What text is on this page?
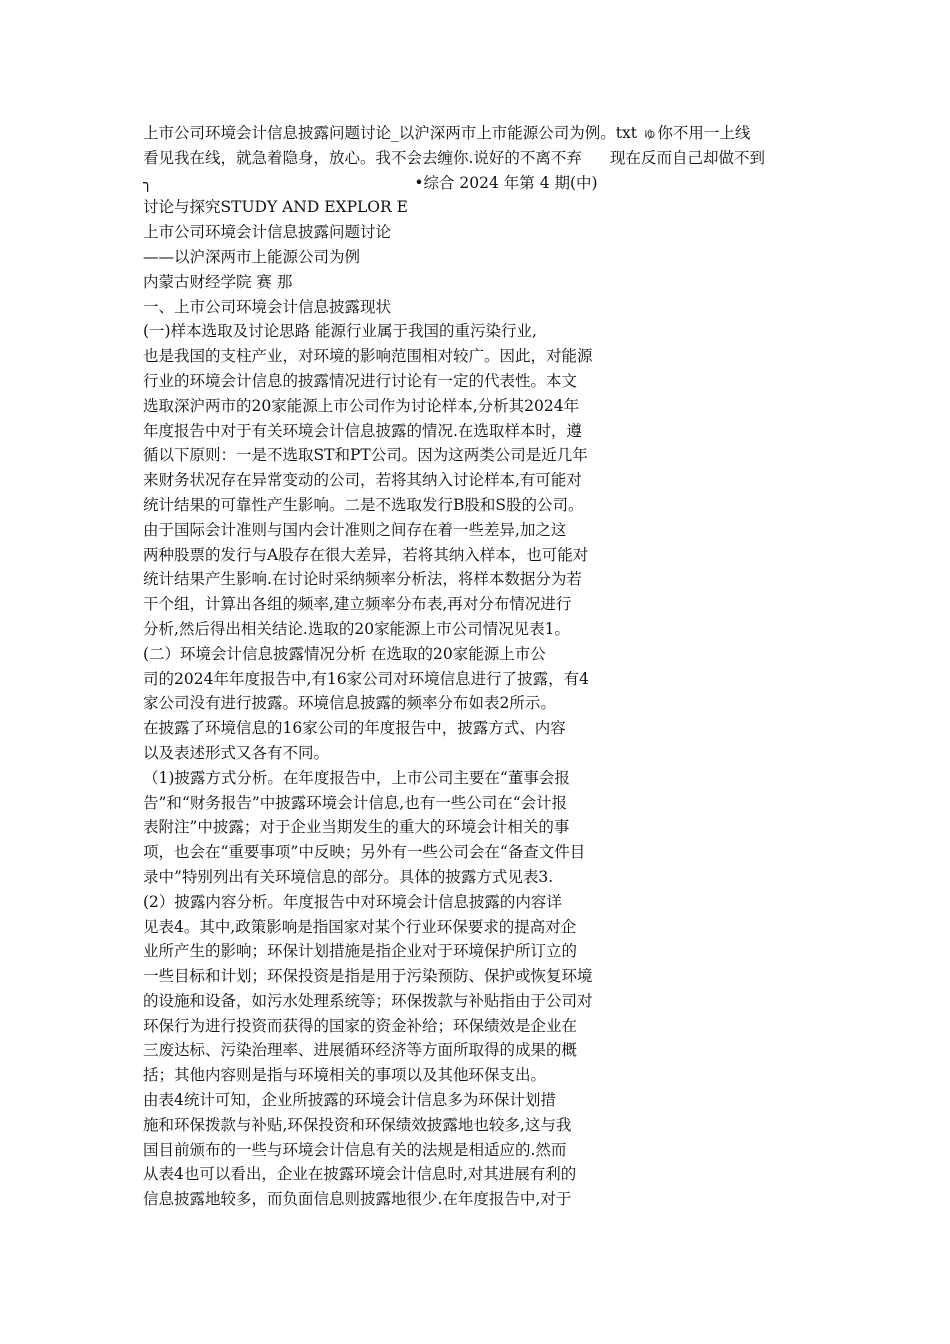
上市公司环境会计信息披露问题讨论_以沪深两市上市能源公司为例。txt ゅ你不用一上线
看见我在线，就急着隐身，放心。我不会去缠你.说好的不离不弃 现在反而自己却做不到
╮	•综合 2024 年第 4 期(中)
讨论与探究STUDY AND EXPLOR E
上市公司环境会计信息披露问题讨论
——以沪深两市上能源公司为例
内蒙古财经学院 赛 那
一、上市公司环境会计信息披露现状
(一)样本选取及讨论思路 能源行业属于我国的重污染行业,
也是我国的支柱产业，对环境的影响范围相对较广。因此，对能源
行业的环境会计信息的披露情况进行讨论有一定的代表性。本文
选取深沪两市的20家能源上市公司作为讨论样本,分析其2024年
年度报告中对于有关环境会计信息披露的情况.在选取样本时，遵
循以下原则：一是不选取ST和PT公司。因为这两类公司是近几年
来财务状况存在异常变动的公司，若将其纳入讨论样本,有可能对
统计结果的可靠性产生影响。二是不选取发行B股和S股的公司。
由于国际会计准则与国内会计准则之间存在着一些差异,加之这
两种股票的发行与A股存在很大差异，若将其纳入样本，也可能对
统计结果产生影响.在讨论时采纳频率分析法，将样本数据分为若
干个组，计算出各组的频率,建立频率分布表,再对分布情况进行
分析,然后得出相关结论.选取的20家能源上市公司情况见表1。
(二）环境会计信息披露情况分析 在选取的20家能源上市公
司的2024年年度报告中,有16家公司对环境信息进行了披露，有4
家公司没有进行披露。环境信息披露的频率分布如表2所示。
在披露了环境信息的16家公司的年度报告中，披露方式、内容
以及表述形式又各有不同。
（1)披露方式分析。在年度报告中，上市公司主要在“董事会报
告”和“财务报告”中披露环境会计信息,也有一些公司在“会计报
表附注”中披露；对于企业当期发生的重大的环境会计相关的事
项，也会在“重要事项”中反映；另外有一些公司会在“备查文件目
录中”特别列出有关环境信息的部分。具体的披露方式见表3.
(2）披露内容分析。年度报告中对环境会计信息披露的内容详
见表4。其中,政策影响是指国家对某个行业环保要求的提高对企
业所产生的影响；环保计划措施是指企业对于环境保护所订立的
一些目标和计划；环保投资是指是用于污染预防、保护或恢复环境
的设施和设备，如污水处理系统等；环保拨款与补贴指由于公司对
环保行为进行投资而获得的国家的资金补给；环保绩效是企业在
三废达标、污染治理率、进展循环经济等方面所取得的成果的概
括；其他内容则是指与环境相关的事项以及其他环保支出。
由表4统计可知，企业所披露的环境会计信息多为环保计划措
施和环保拨款与补贴,环保投资和环保绩效披露地也较多,这与我
国目前颁布的一些与环境会计信息有关的法规是相适应的.然而
从表4也可以看出，企业在披露环境会计信息时,对其进展有利的
信息披露地较多，而负面信息则披露地很少.在年度报告中,对于
